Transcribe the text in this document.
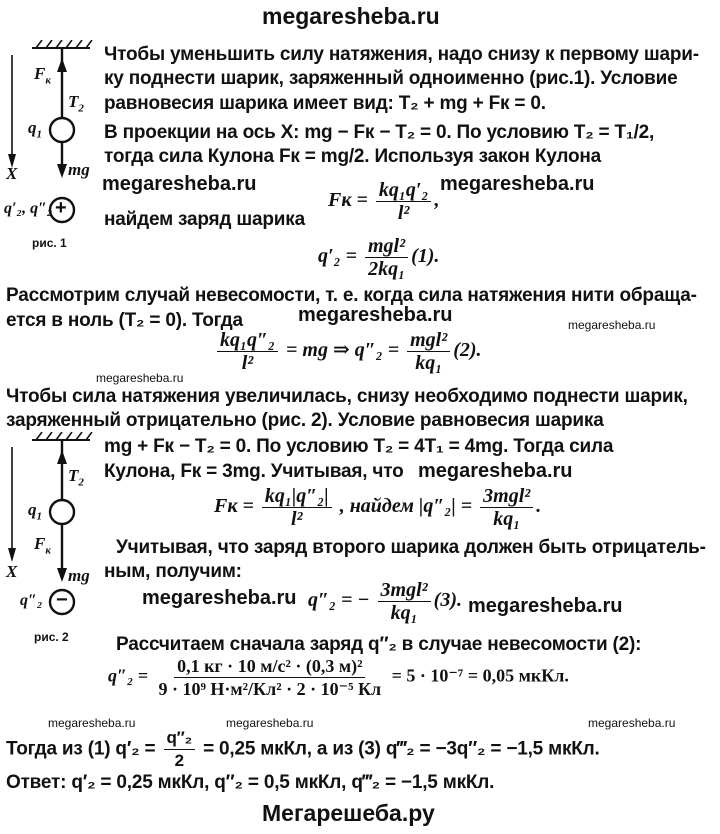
megaresheba.ru
megaresheba.ru	megaresheba.ru
megaresheba.ru	megaresheba.ru
megaresheba.ru
megaresheba.ru
megaresheba.ru	megaresheba.ru
megaresheba.ru	megaresheba.ru	megaresheba.ru
Мегарешеба.ру
$F_к$
$T_2$
$q_1$
mg
X
q′₂, q″₂ +
рис. 1
Чтобы уменьшить силу натяжения, надо снизу к первому шари-
ку поднести шарик, заряженный одноименно (рис.1). Условие
равновесия шарика имеет вид: T₂ + mg + Fк = 0.
В проекции на ось X: mg − Fк − T₂ = 0. По условию T₂ = T₁/2,
тогда сила Кулона Fк = mg/2. Используя закон Кулона
Fк = $\frac{\text{kq₁q′₂}}{\text{l²}}$ ,
найдем заряд шарика
$q'_2 = \frac{\text{mgl²}}{\text{2kq₁}} (1)$.
Рассмотрим случай невесомости, т. е. когда сила натяжения нити обраща-
ется в ноль (T₂ = 0). Тогда
$\frac{\text{kq₁q″₂}}{\text{l²}}$ = mg ⇒ $q''_2 = \frac{\text{mgl²}}{\text{kq₁}} (2)$.
Чтобы сила натяжения увеличилась, снизу необходимо поднести шарик,
заряженный отрицательно (рис. 2). Условие равновесия шарика
$T_2$
$q_1$
$F_к$
mg
X
q″₂ −
рис. 2
mg + Fк − T₂ = 0. По условию T₂ = 4T₁ = 4mg. Тогда сила
Кулона, Fк = 3mg. Учитывая, что
Fк = $\frac{\text{kq₁|q″₂|}}{\text{l²}}$ , найдем $|q''_2| = \frac{\text{3mgl²}}{\text{kq₁}}$ .
Учитывая, что заряд второго шарика должен быть отрицатель-
ным, получим:
q″₂ = − $\frac{\text{3mgl²}}{\text{kq₁}} (3)$.
Рассчитаем сначала заряд q″₂ в случае невесомости (2):
$q''_2 = \frac{\text{0,1 кг · 10 м/с² · (0,3 м)²}}{\text{9 · 10⁹ Н·м²/Кл² · 2 · 10⁻⁵ Кл}} = 5 \cdot 10^{-7} = 0,05$ мкКл.
Тогда из (1) $q'_2 = \frac{\text{q″₂}}{2} = 0,25$ мкКл, а из (3) q‴₂ = −3q″₂ = −1,5 мкКл.
Ответ: q′₂ = 0,25 мкКл, q″₂ = 0,5 мкКл, q‴₂ = −1,5 мкКл.
